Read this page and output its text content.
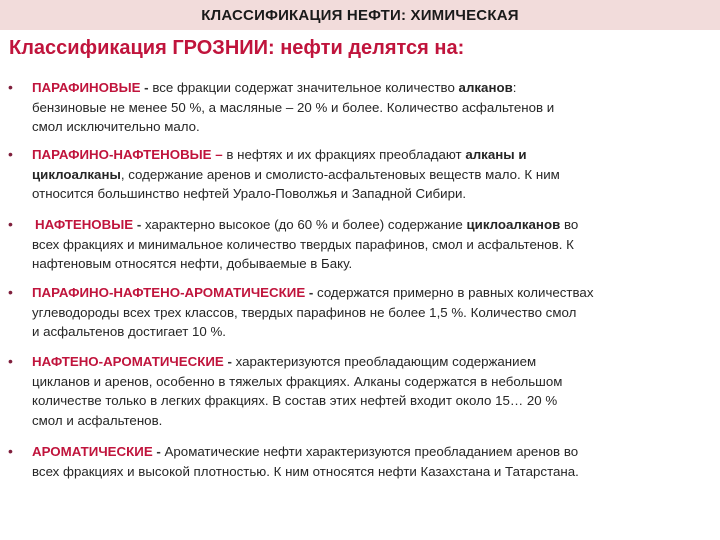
КЛАССИФИКАЦИЯ НЕФТИ: ХИМИЧЕСКАЯ
Классификация ГРОЗНИИ: нефти делятся на:
• ПАРАФИНОВЫЕ - все фракции содержат значительное количество алканов:
бензиновые не менее 50 %, а масляные – 20 % и более. Количество асфальтенов и
смол исключительно мало.
• ПАРАФИНО-НАФТЕНОВЫЕ – в нефтях и их фракциях преобладают алканы и
циклоалканы, содержание аренов и смолисто-асфальтеновых веществ мало. К ним
относится большинство нефтей Урало-Поволжья и Западной Сибири.
• НАФТЕНОВЫЕ - характерно высокое (до 60 % и более) содержание циклоалканов во
всех фракциях и минимальное количество твердых парафинов, смол и асфальтенов. К
нафтеновым относятся нефти, добываемые в Баку.
• ПАРАФИНО-НАФТЕНО-АРОМАТИЧЕСКИЕ - содержатся примерно в равных количествах
углеводороды всех трех классов, твердых парафинов не более 1,5 %. Количество смол
и асфальтенов достигает 10 %.
• НАФТЕНО-АРОМАТИЧЕСКИЕ - характеризуются преобладающим содержанием
цикланов и аренов, особенно в тяжелых фракциях. Алканы содержатся в небольшом
количестве только в легких фракциях. В состав этих нефтей входит около 15… 20 %
смол и асфальтенов.
• АРОМАТИЧЕСКИЕ - Ароматические нефти характеризуются преобладанием аренов во
всех фракциях и высокой плотностью. К ним относятся нефти Казахстана и Татарстана.
